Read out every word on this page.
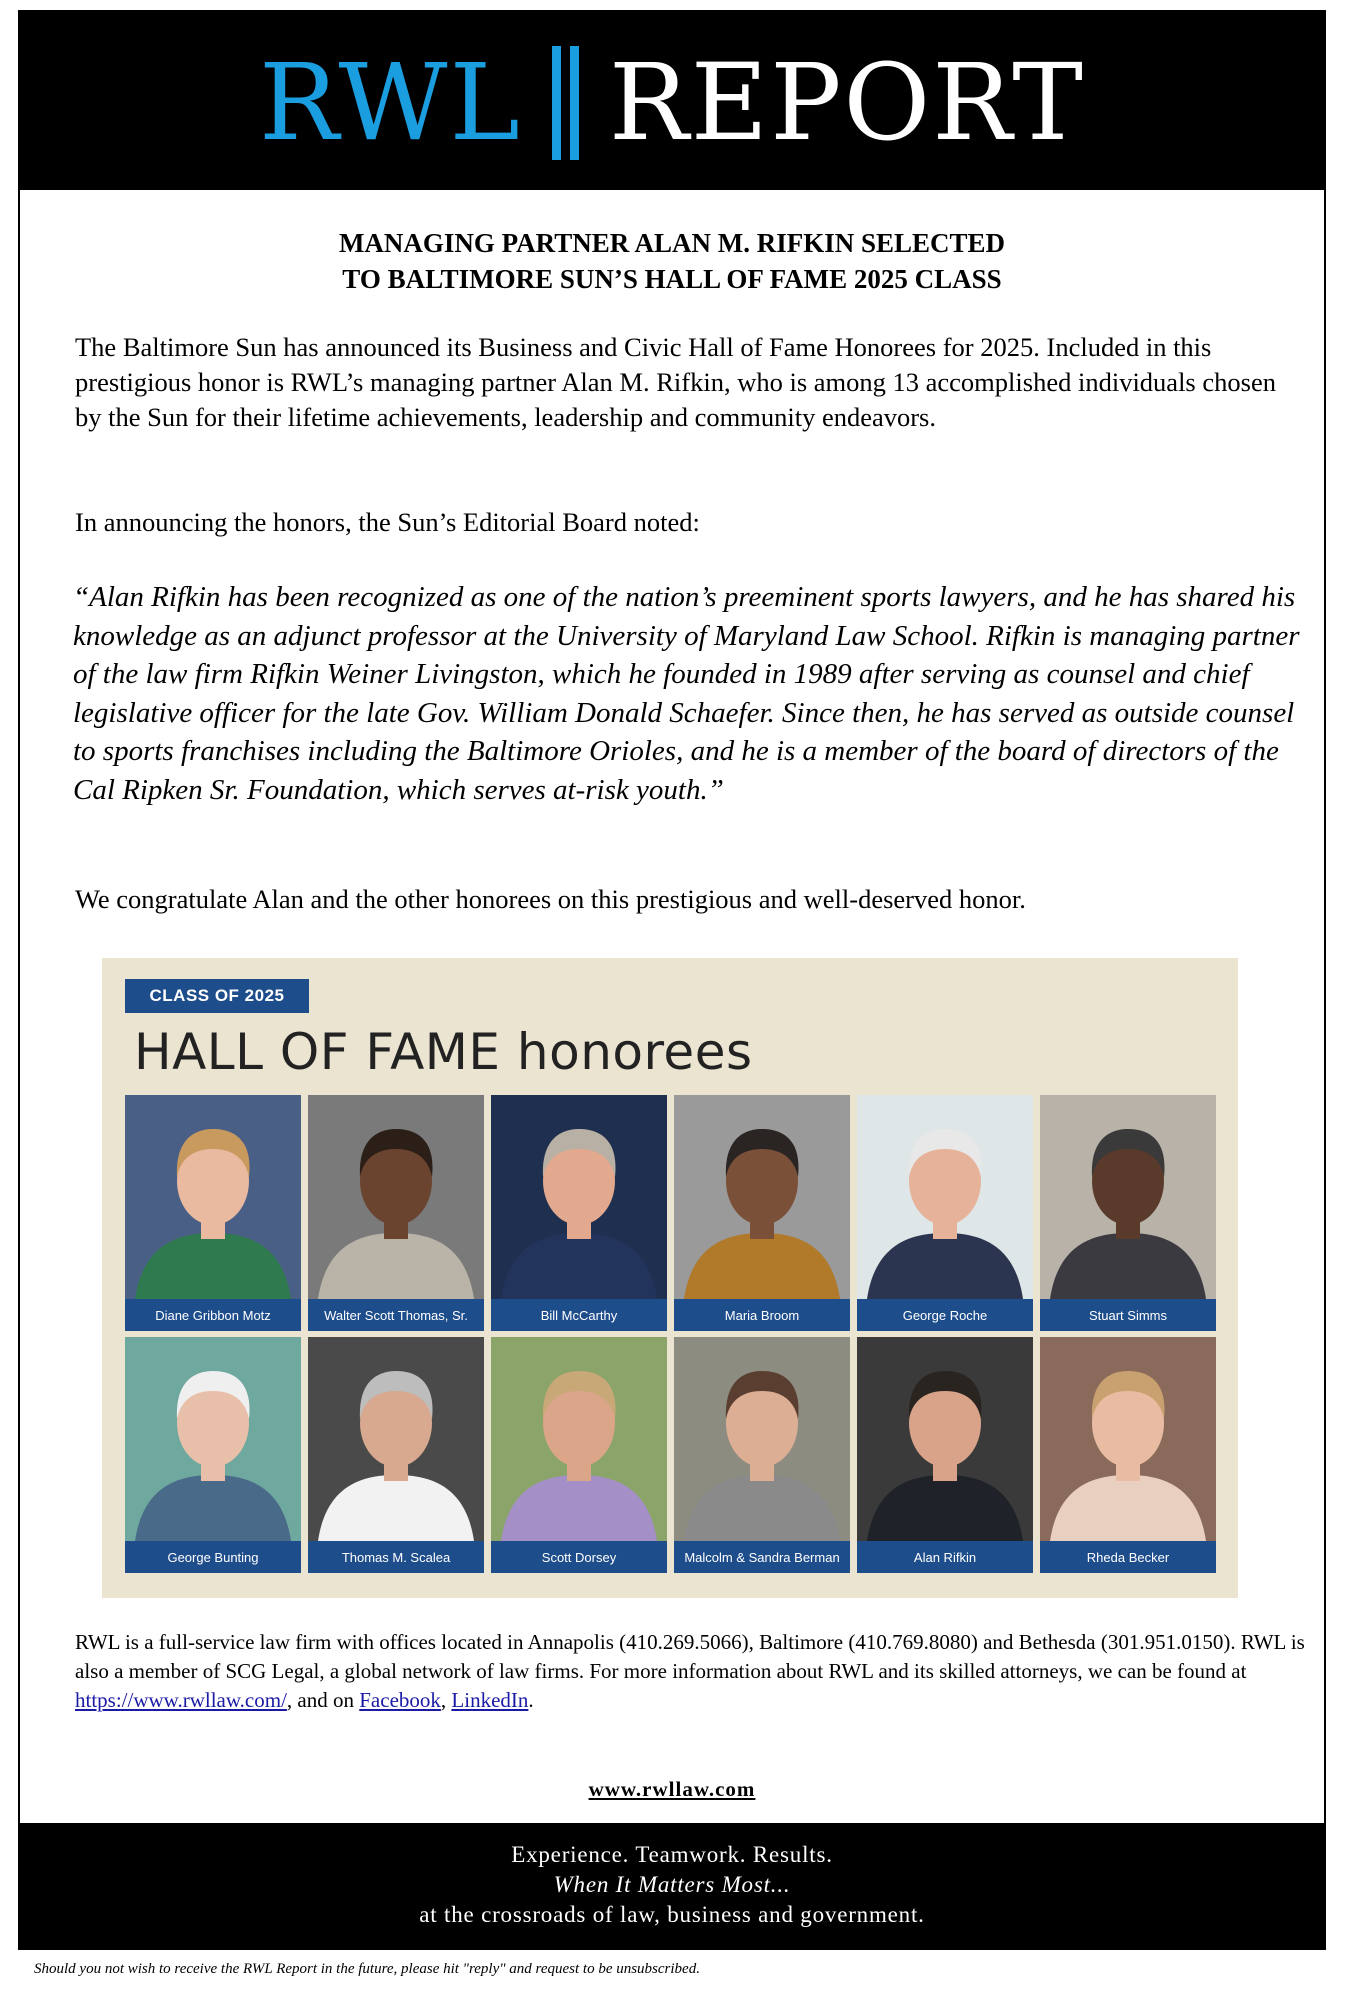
RWL REPORT
MANAGING PARTNER ALAN M. RIFKIN SELECTED
TO BALTIMORE SUN’S HALL OF FAME 2025 CLASS
The Baltimore Sun has announced its Business and Civic Hall of Fame Honorees for 2025. Included in this prestigious honor is RWL’s managing partner Alan M. Rifkin, who is among 13 accomplished individuals chosen by the Sun for their lifetime achievements, leadership and community endeavors.
In announcing the honors, the Sun’s Editorial Board noted:
“Alan Rifkin has been recognized as one of the nation’s preeminent sports lawyers, and he has shared his knowledge as an adjunct professor at the University of Maryland Law School. Rifkin is managing partner of the law firm Rifkin Weiner Livingston, which he founded in 1989 after serving as counsel and chief legislative officer for the late Gov. William Donald Schaefer. Since then, he has served as outside counsel to sports franchises including the Baltimore Orioles, and he is a member of the board of directors of the Cal Ripken Sr. Foundation, which serves at-risk youth.”
We congratulate Alan and the other honorees on this prestigious and well-deserved honor.
CLASS OF 2025
HALL OF FAME honorees
Diane Gribbon Motz	Walter Scott Thomas, Sr.	Bill McCarthy	Maria Broom	George Roche	Stuart Simms
George Bunting	Thomas M. Scalea	Scott Dorsey	Malcolm & Sandra Berman	Alan Rifkin	Rheda Becker
RWL is a full-service law firm with offices located in Annapolis (410.269.5066), Baltimore (410.769.8080) and Bethesda (301.951.0150). RWL is also a member of SCG Legal, a global network of law firms. For more information about RWL and its skilled attorneys, we can be found at https://www.rwllaw.com/, and on Facebook, LinkedIn.
www.rwllaw.com
Experience. Teamwork. Results.
When It Matters Most...
at the crossroads of law, business and government.
Should you not wish to receive the RWL Report in the future, please hit "reply" and request to be unsubscribed.
